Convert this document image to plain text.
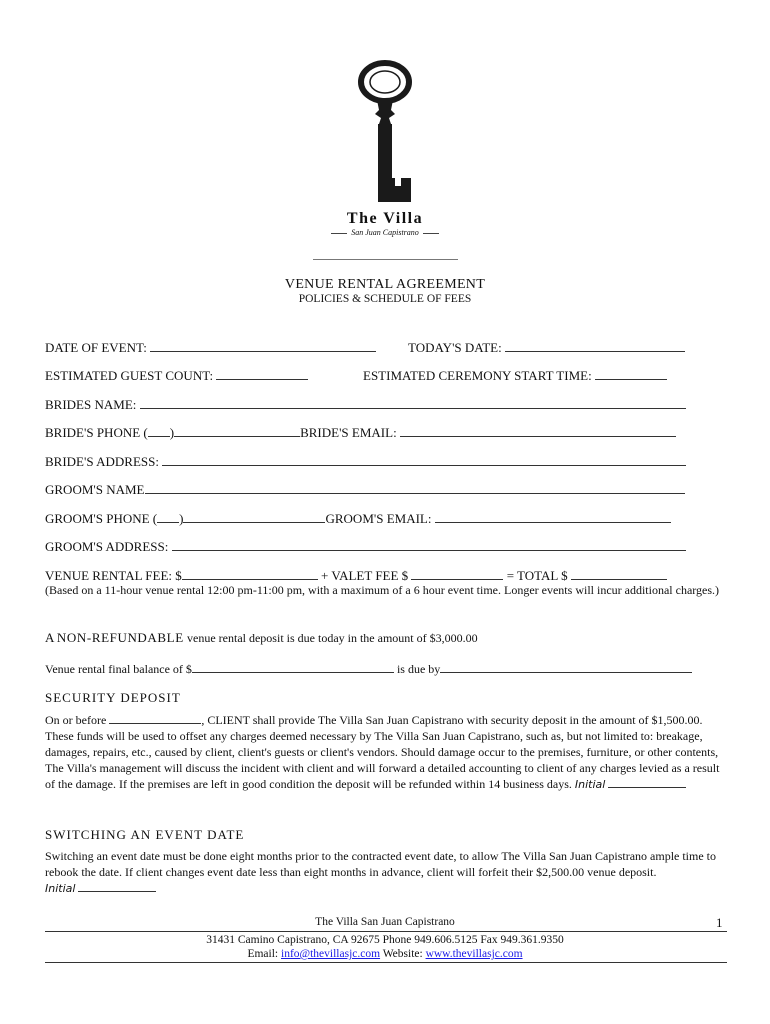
The Villa
San Juan Capistrano
VENUE RENTAL AGREEMENT
POLICIES & SCHEDULE OF FEES
DATE OF EVENT:	TODAY'S DATE:
ESTIMATED GUEST COUNT:	ESTIMATED CEREMONY START TIME:
BRIDES NAME:
BRIDE'S PHONE ( )	BRIDE'S EMAIL:
BRIDE'S ADDRESS:
GROOM'S NAME
GROOM'S PHONE ( )	GROOM'S EMAIL:
GROOM'S ADDRESS:
VENUE RENTAL FEE: $	+ VALET FEE $	= TOTAL $
(Based on a 11-hour venue rental 12:00 pm-11:00 pm, with a maximum of a 6 hour event time. Longer events will incur additional charges.)
A NON-REFUNDABLE venue rental deposit is due today in the amount of $3,000.00
Venue rental final balance of $	is due by
SECURITY DEPOSIT
On or before	, CLIENT shall provide The Villa San Juan Capistrano with security deposit in the amount of $1,500.00. These funds will be used to offset any charges deemed necessary by The Villa San Juan Capistrano, such as, but not limited to: breakage, damages, repairs, etc., caused by client, client's guests or client's vendors. Should damage occur to the premises, furniture, or other contents, The Villa's management will discuss the incident with client and will forward a detailed accounting to client of any charges levied as a result of the damage. If the premises are left in good condition the deposit will be refunded within 14 business days. Initial
SWITCHING AN EVENT DATE
Switching an event date must be done eight months prior to the contracted event date, to allow The Villa San Juan Capistrano ample time to rebook the date. If client changes event date less than eight months in advance, client will forfeit their $2,500.00 venue deposit.
Initial
The Villa San Juan Capistrano	1
31431 Camino Capistrano, CA 92675 Phone 949.606.5125 Fax 949.361.9350
Email: info@thevillasjc.com Website: www.thevillasjc.com
